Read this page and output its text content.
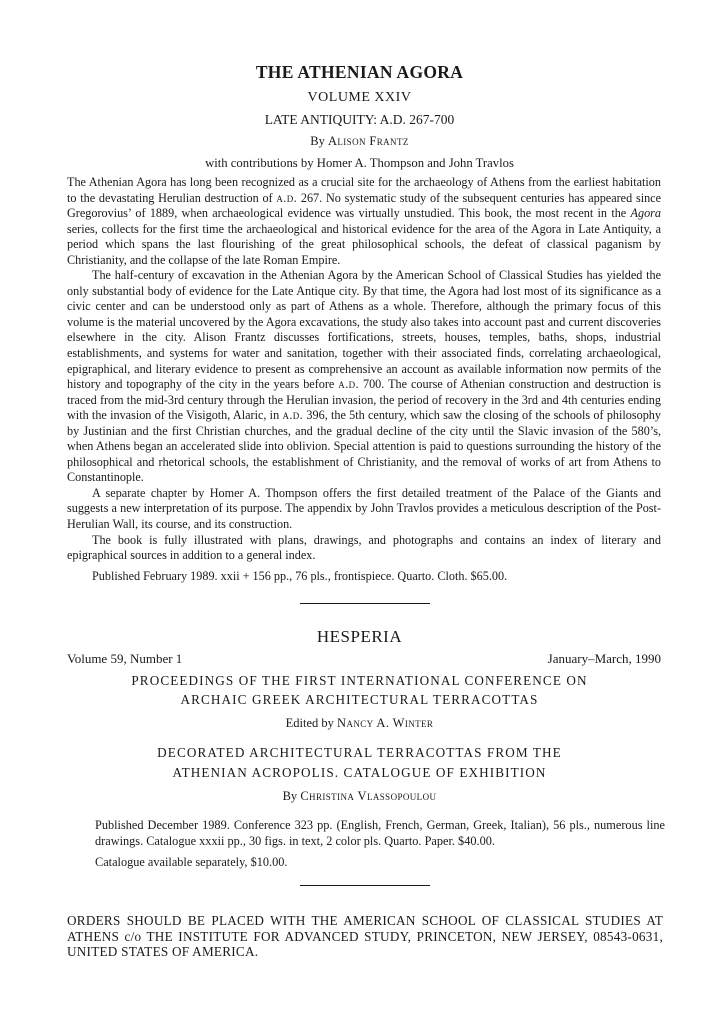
THE ATHENIAN AGORA
VOLUME XXIV
LATE ANTIQUITY: A.D. 267-700
By Alison Frantz
with contributions by Homer A. Thompson and John Travlos

The Athenian Agora has long been recognized as a crucial site for the archaeology of Athens from the earliest habitation to the devastating Herulian destruction of a.d. 267. No systematic study of the subsequent centuries has appeared since Gregorovius’ of 1889, when archaeological evidence was virtually unstudied. This book, the most recent in the Agora series, collects for the first time the archaeological and historical evidence for the area of the Agora in Late Antiquity, a period which spans the last flourishing of the great philosophical schools, the defeat of classical paganism by Christianity, and the collapse of the late Roman Empire.

The half-century of excavation in the Athenian Agora by the American School of Classical Studies has yielded the only substantial body of evidence for the Late Antique city. By that time, the Agora had lost most of its significance as a civic center and can be understood only as part of Athens as a whole. Therefore, although the primary focus of this volume is the material uncovered by the Agora excavations, the study also takes into account past and current discoveries elsewhere in the city. Alison Frantz discusses fortifications, streets, houses, temples, baths, shops, industrial establishments, and systems for water and sanitation, together with their associated finds, correlating archaeological, epigraphical, and literary evidence to present as comprehensive an account as available information now permits of the history and topography of the city in the years before a.d. 700. The course of Athenian construction and destruction is traced from the mid-3rd century through the Herulian invasion, the period of recovery in the 3rd and 4th centuries ending with the invasion of the Visigoth, Alaric, in a.d. 396, the 5th century, which saw the closing of the schools of philosophy by Justinian and the first Christian churches, and the gradual decline of the city until the Slavic invasion of the 580’s, when Athens began an accelerated slide into oblivion. Special attention is paid to questions surrounding the history of the philosophical and rhetorical schools, the establishment of Christianity, and the removal of works of art from Athens to Constantinople.

A separate chapter by Homer A. Thompson offers the first detailed treatment of the Palace of the Giants and suggests a new interpretation of its purpose. The appendix by John Travlos provides a meticulous description of the Post-Herulian Wall, its course, and its construction.

The book is fully illustrated with plans, drawings, and photographs and contains an index of literary and epigraphical sources in addition to a general index.

Published February 1989. xxii + 156 pp., 76 pls., frontispiece. Quarto. Cloth. $65.00.

HESPERIA
Volume 59, Number 1	January–March, 1990
PROCEEDINGS OF THE FIRST INTERNATIONAL CONFERENCE ON
ARCHAIC GREEK ARCHITECTURAL TERRACOTTAS
Edited by Nancy A. Winter
DECORATED ARCHITECTURAL TERRACOTTAS FROM THE
ATHENIAN ACROPOLIS. CATALOGUE OF EXHIBITION
By Christina Vlassopoulou

Published December 1989. Conference 323 pp. (English, French, German, Greek, Italian), 56 pls., numerous line drawings. Catalogue xxxii pp., 30 figs. in text, 2 color pls. Quarto. Paper. $40.00.

Catalogue available separately, $10.00.

ORDERS SHOULD BE PLACED WITH THE AMERICAN SCHOOL OF CLASSICAL STUDIES AT ATHENS c/o THE INSTITUTE FOR ADVANCED STUDY, PRINCETON, NEW JERSEY, 08543-0631, UNITED STATES OF AMERICA.
